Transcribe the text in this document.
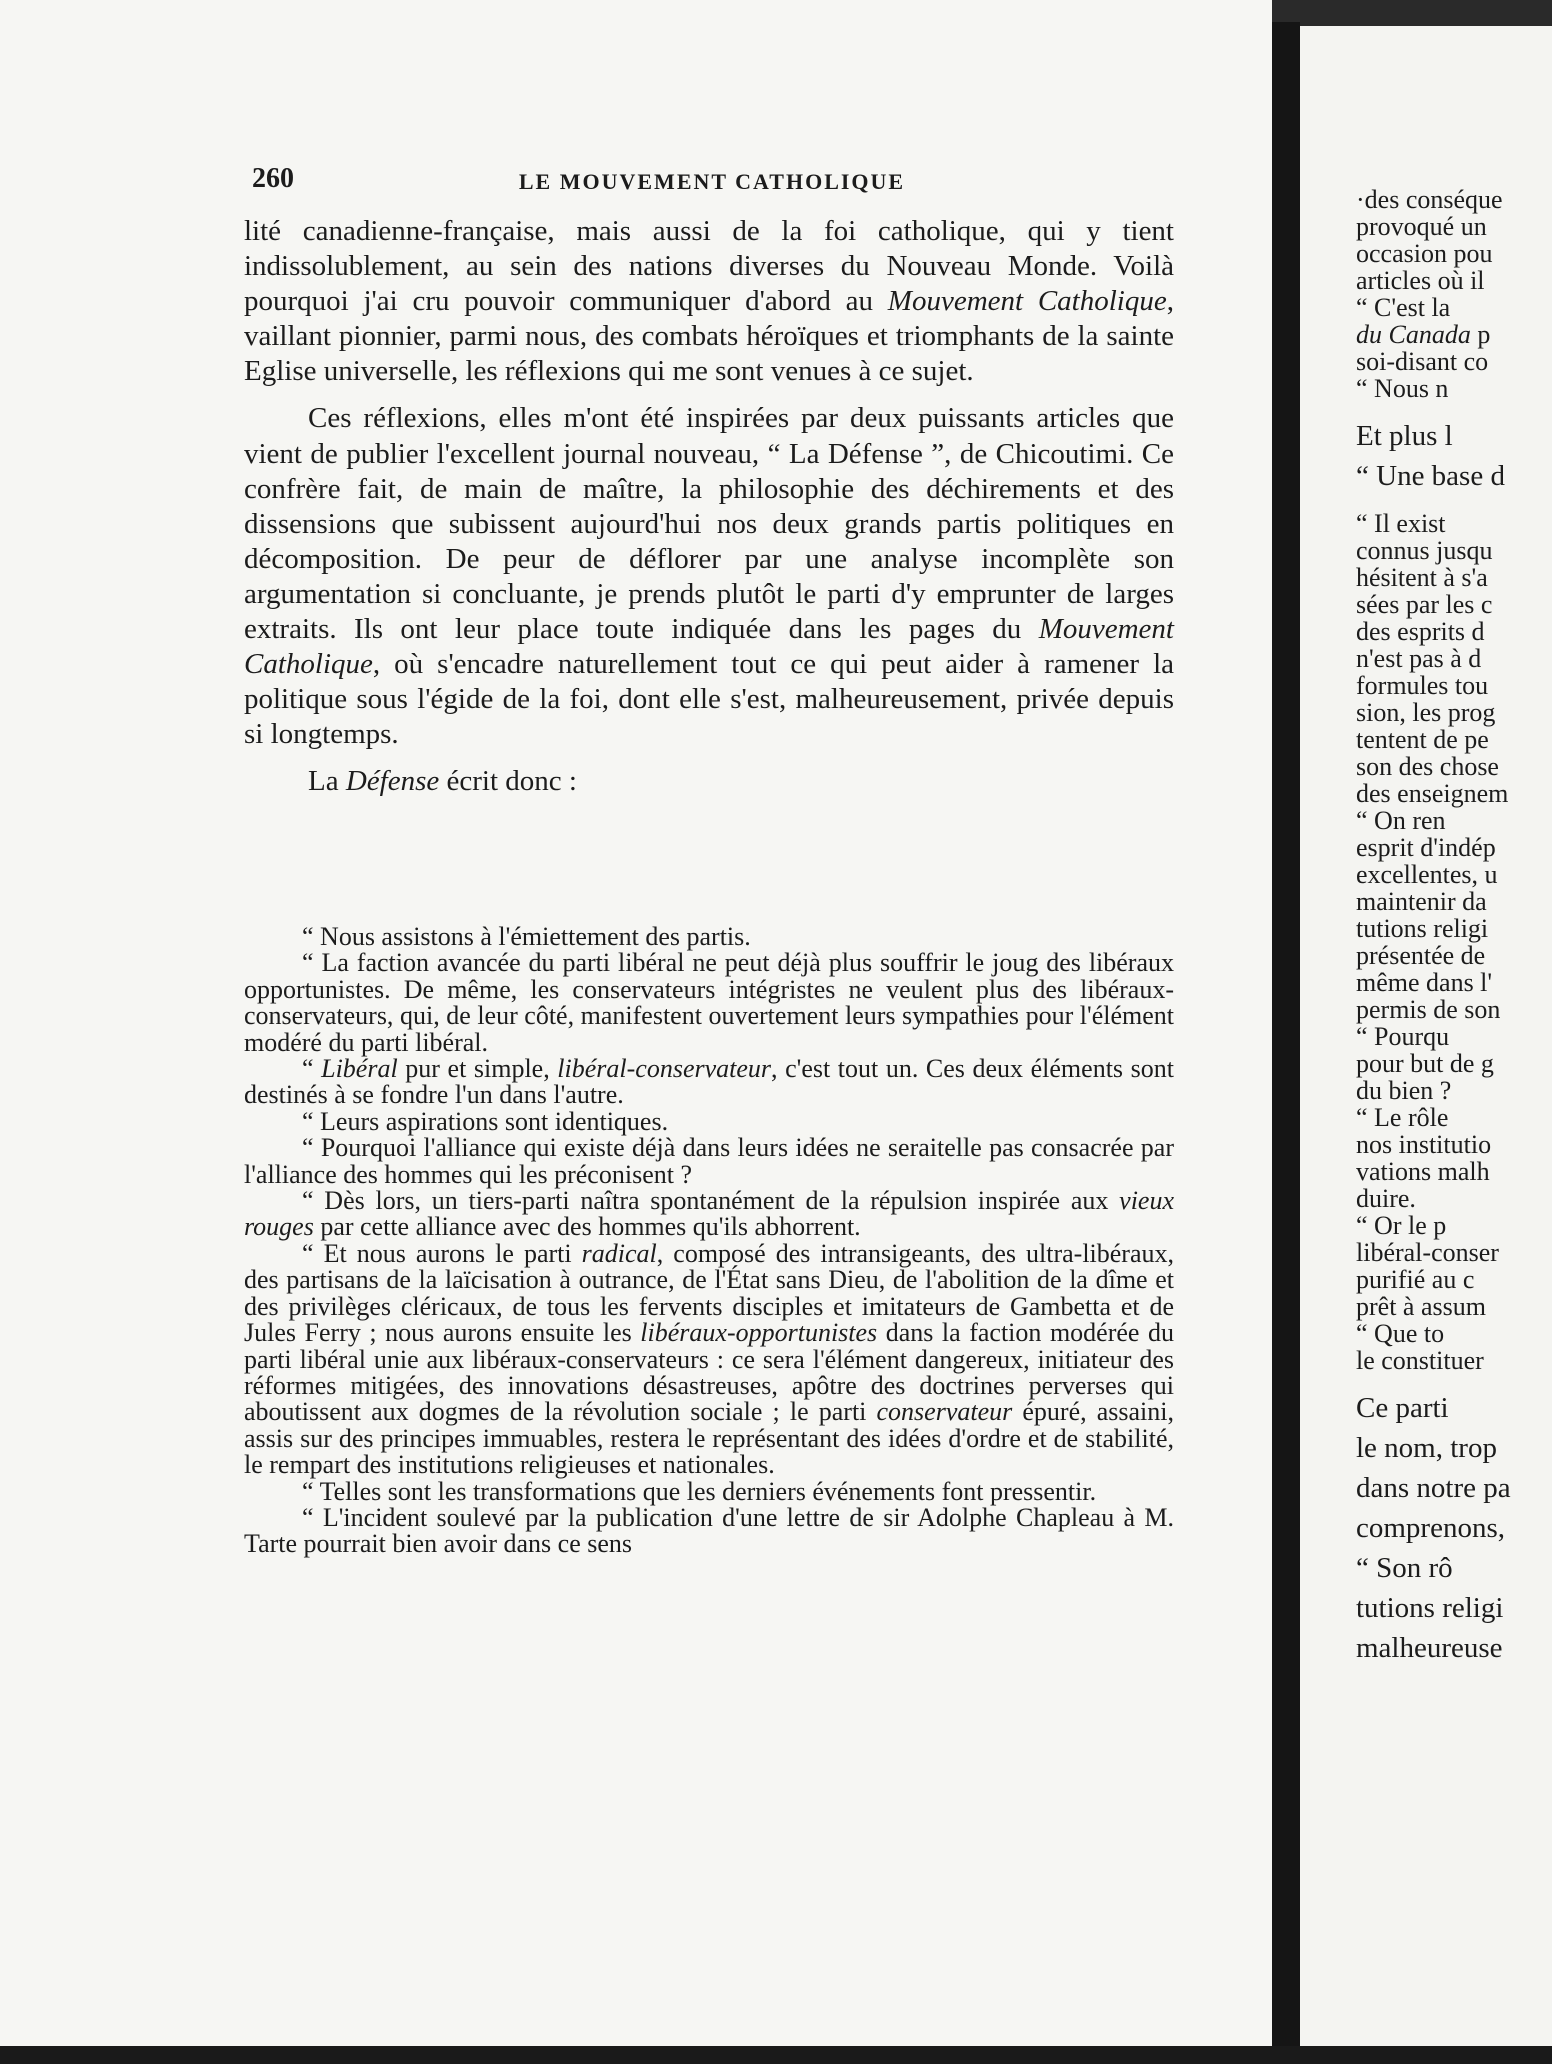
260	LE MOUVEMENT CATHOLIQUE

lité canadienne-française, mais aussi de la foi catholique, qui y tient indissolublement, au sein des nations diverses du Nouveau Monde. Voilà pourquoi j'ai cru pouvoir communiquer d'abord au Mouvement Catholique, vaillant pionnier, parmi nous, des combats héroïques et triomphants de la sainte Eglise universelle, les réflexions qui me sont venues à ce sujet.

Ces réflexions, elles m'ont été inspirées par deux puissants articles que vient de publier l'excellent journal nouveau, “ La Défense ”, de Chicoutimi. Ce confrère fait, de main de maître, la philosophie des déchirements et des dissensions que subissent aujourd'hui nos deux grands partis politiques en décomposition. De peur de déflorer par une analyse incomplète son argumentation si concluante, je prends plutôt le parti d'y emprunter de larges extraits. Ils ont leur place toute indiquée dans les pages du Mouvement Catholique, où s'encadre naturellement tout ce qui peut aider à ramener la politique sous l'égide de la foi, dont elle s'est, malheureusement, privée depuis si longtemps.

La Défense écrit donc :

“ Nous assistons à l'émiettement des partis.

“ La faction avancée du parti libéral ne peut déjà plus souffrir le joug des libéraux opportunistes. De même, les conservateurs intégristes ne veulent plus des libéraux-conservateurs, qui, de leur côté, manifestent ouvertement leurs sympathies pour l'élément modéré du parti libéral.

“ Libéral pur et simple, libéral-conservateur, c'est tout un. Ces deux éléments sont destinés à se fondre l'un dans l'autre.

“ Leurs aspirations sont identiques.

“ Pourquoi l'alliance qui existe déjà dans leurs idées ne seraitelle pas consacrée par l'alliance des hommes qui les préconisent ?

“ Dès lors, un tiers-parti naîtra spontanément de la répulsion inspirée aux vieux rouges par cette alliance avec des hommes qu'ils abhorrent.

“ Et nous aurons le parti radical, composé des intransigeants, des ultra-libéraux, des partisans de la laïcisation à outrance, de l'État sans Dieu, de l'abolition de la dîme et des privilèges cléricaux, de tous les fervents disciples et imitateurs de Gambetta et de Jules Ferry ; nous aurons ensuite les libéraux-opportunistes dans la faction modérée du parti libéral unie aux libéraux-conservateurs : ce sera l'élément dangereux, initiateur des réformes mitigées, des innovations désastreuses, apôtre des doctrines perverses qui aboutissent aux dogmes de la révolution sociale ; le parti conservateur épuré, assaini, assis sur des principes immuables, restera le représentant des idées d'ordre et de stabilité, le rempart des institutions religieuses et nationales.

“ Telles sont les transformations que les derniers événements font pressentir.

“ L'incident soulevé par la publication d'une lettre de sir Adolphe Chapleau à M. Tarte pourrait bien avoir dans ce sens

·des conséque
provoqué un
occasion pou
articles où il
“ C'est la
du Canada p
soi-disant co
“ Nous n
Et plus l
“ Une base d
“ Il exist
connus jusqu
hésitent à s'a
sées par les c
des esprits d
n'est pas à d
formules tou
sion, les prog
tentent de pe
son des chose
des enseignem
“ On ren
esprit d'indép
excellentes, u
maintenir da
tutions religi
présentée de
même dans l'
permis de son
“ Pourqu
pour but de g
du bien ?
“ Le rôle
nos institutio
vations malh
duire.
“ Or le p
libéral-conser
purifié au c
prêt à assum
“ Que to
le constituer
Ce parti
le nom, trop
dans notre pa
comprenons,
“ Son rô
tutions religi
malheureuse
